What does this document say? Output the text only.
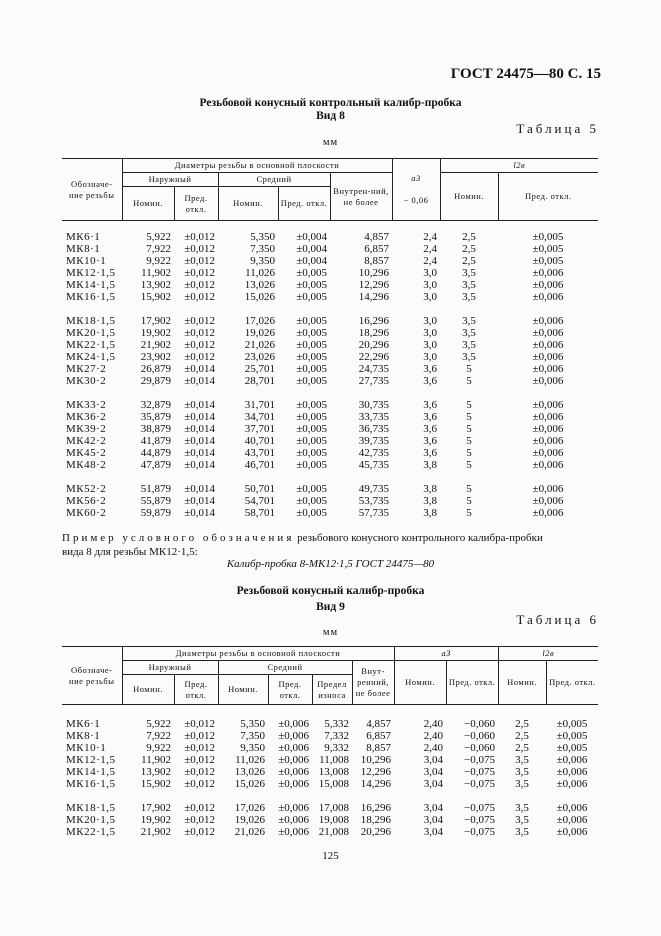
ГОСТ 24475—80 С. 15
Резьбовой конусный контрольный калибр-пробка
Вид 8
Таблица 5
мм
Обозначе-ние резьбы	Диаметры резьбы в основной плоскости					a3

− 0,06	l2в	
	Наружный		Средний		Внутрен-ний, не более		Номин.	Пред. откл.
	Номин.	Пред. откл.	Номин.	Пред. откл.				
МК6·1	5,922	±0,012	5,350	±0,004	4,857	2,4	2,5	±0,005
МК8·1	7,922	±0,012	7,350	±0,004	6,857	2,4	2,5	±0,005
МК10·1	9,922	±0,012	9,350	±0,004	8,857	2,4	2,5	±0,005
МК12·1,5	11,902	±0,012	11,026	±0,005	10,296	3,0	3,5	±0,006
МК14·1,5	13,902	±0,012	13,026	±0,005	12,296	3,0	3,5	±0,006
МК16·1,5	15,902	±0,012	15,026	±0,005	14,296	3,0	3,5	±0,006

МК18·1,5	17,902	±0,012	17,026	±0,005	16,296	3,0	3,5	±0,006
МК20·1,5	19,902	±0,012	19,026	±0,005	18,296	3,0	3,5	±0,006
МК22·1,5	21,902	±0,012	21,026	±0,005	20,296	3,0	3,5	±0,006
МК24·1,5	23,902	±0,012	23,026	±0,005	22,296	3,0	3,5	±0,006
МК27·2	26,879	±0,014	25,701	±0,005	24,735	3,6	5	±0,006
МК30·2	29,879	±0,014	28,701	±0,005	27,735	3,6	5	±0,006

МК33·2	32,879	±0,014	31,701	±0,005	30,735	3,6	5	±0,006
МК36·2	35,879	±0,014	34,701	±0,005	33,735	3,6	5	±0,006
МК39·2	38,879	±0,014	37,701	±0,005	36,735	3,6	5	±0,006
МК42·2	41,879	±0,014	40,701	±0,005	39,735	3,6	5	±0,006
МК45·2	44,879	±0,014	43,701	±0,005	42,735	3,6	5	±0,006
МК48·2	47,879	±0,014	46,701	±0,005	45,735	3,8	5	±0,006

МК52·2	51,879	±0,014	50,701	±0,005	49,735	3,8	5	±0,006
МК56·2	55,879	±0,014	54,701	±0,005	53,735	3,8	5	±0,006
МК60·2	59,879	±0,014	58,701	±0,005	57,735	3,8	5	±0,006
Пример условного обозначения резьбового конусного контрольного калибра-пробки
вида 8 для резьбы МК12·1,5:
Калибр-пробка 8-МК12·1,5 ГОСТ 24475—80
Резьбовой конусный калибр-пробка
Вид 9
Таблица 6
мм
Обозначе-ние резьбы	Диаметры резьбы в основной плоскости						a3		l2в	
	Наружный		Средний			Внут-ренний, не более	Номин.	Пред. откл.	Номин.	Пред. откл.
	Номин.	Пред. откл.	Номин.	Пред. откл.	Предел износа					
МК6·1	5,922	±0,012	5,350	±0,006	5,332	4,857	2,40	−0,060	2,5	±0,005
МК8·1	7,922	±0,012	7,350	±0,006	7,332	6,857	2,40	−0,060	2,5	±0,005
МК10·1	9,922	±0,012	9,350	±0,006	9,332	8,857	2,40	−0,060	2,5	±0,005
МК12·1,5	11,902	±0,012	11,026	±0,006	11,008	10,296	3,04	−0,075	3,5	±0,006
МК14·1,5	13,902	±0,012	13,026	±0,006	13,008	12,296	3,04	−0,075	3,5	±0,006
МК16·1,5	15,902	±0,012	15,026	±0,006	15,008	14,296	3,04	−0,075	3,5	±0,006

МК18·1,5	17,902	±0,012	17,026	±0,006	17,008	16,296	3,04	−0,075	3,5	±0,006
МК20·1,5	19,902	±0,012	19,026	±0,006	19,008	18,296	3,04	−0,075	3,5	±0,006
МК22·1,5	21,902	±0,012	21,026	±0,006	21,008	20,296	3,04	−0,075	3,5	±0,006
125
